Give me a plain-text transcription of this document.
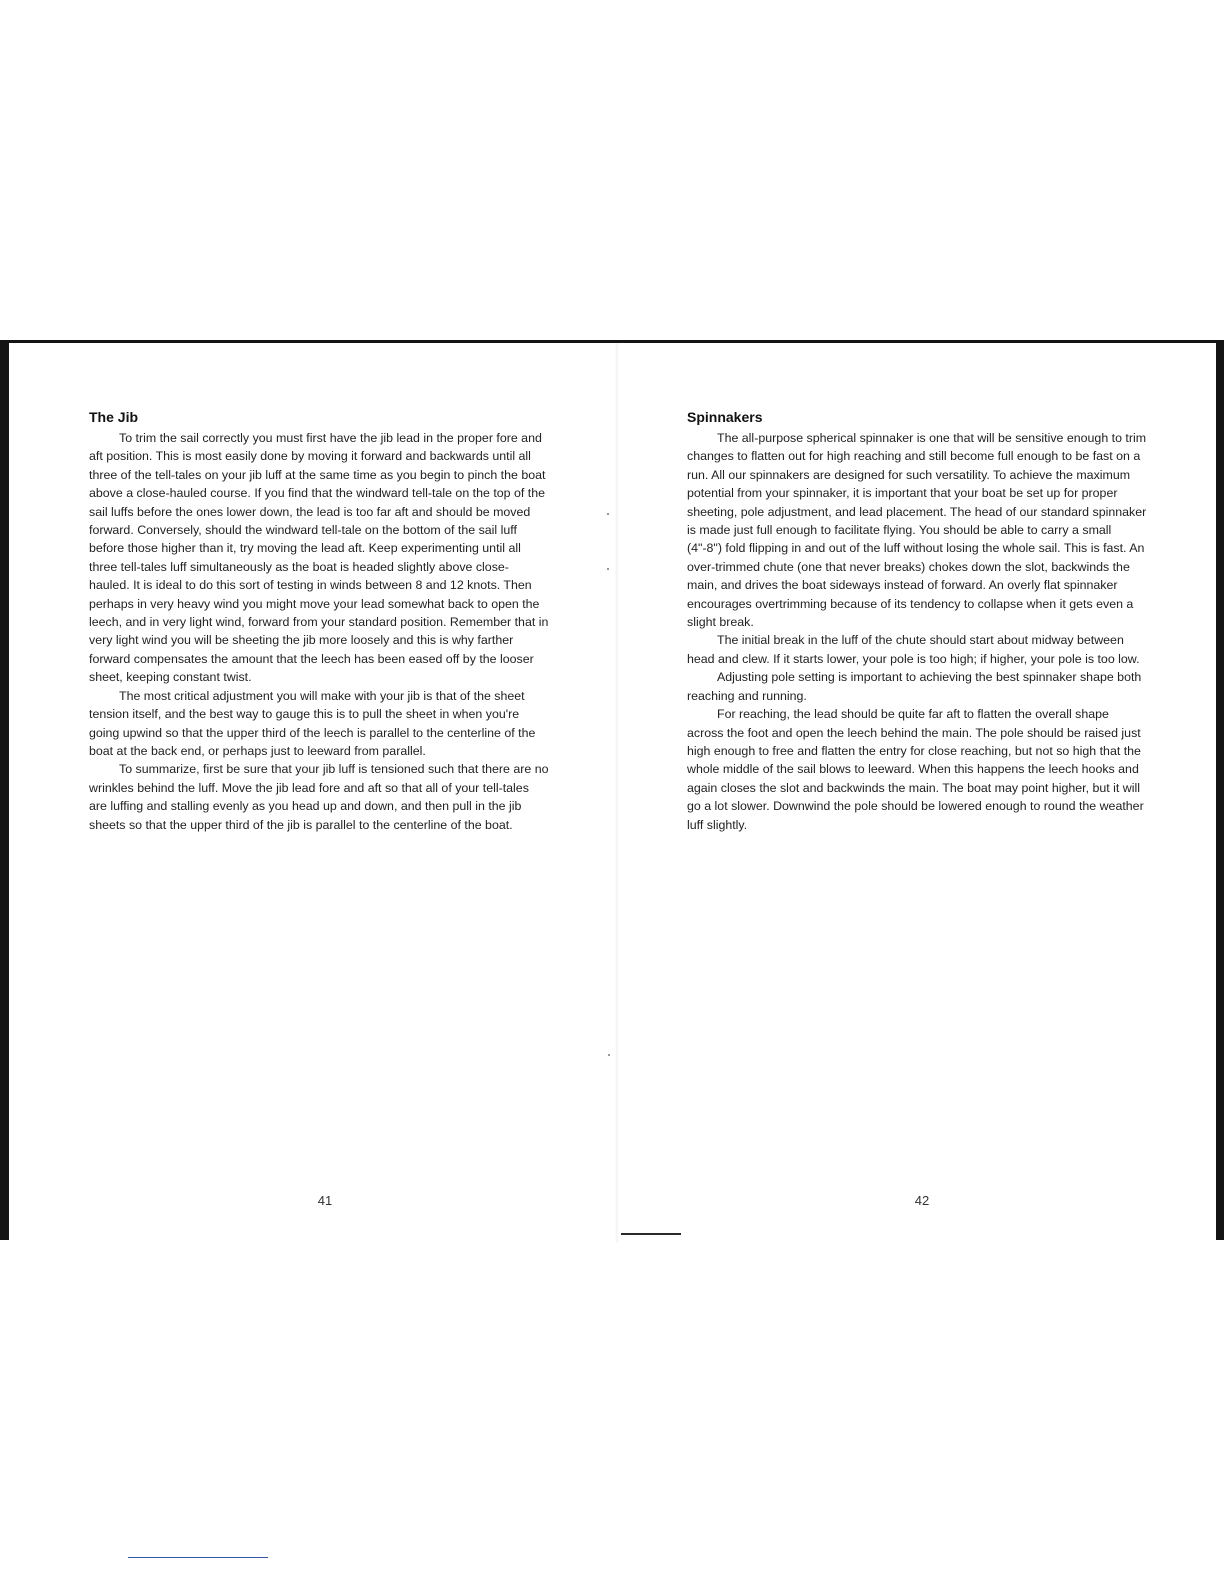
The Jib

To trim the sail correctly you must first have the jib lead in the proper fore and aft position. This is most easily done by moving it forward and backwards until all three of the tell-tales on your jib luff at the same time as you begin to pinch the boat above a close-hauled course. If you find that the windward tell-tale on the top of the sail luffs before the ones lower down, the lead is too far aft and should be moved forward. Conversely, should the windward tell-tale on the bottom of the sail luff before those higher than it, try moving the lead aft. Keep experimenting until all three tell-tales luff simultaneously as the boat is headed slightly above close-hauled. It is ideal to do this sort of testing in winds between 8 and 12 knots. Then perhaps in very heavy wind you might move your lead somewhat back to open the leech, and in very light wind, forward from your standard position. Remember that in very light wind you will be sheeting the jib more loosely and this is why farther forward compensates the amount that the leech has been eased off by the looser sheet, keeping constant twist.

The most critical adjustment you will make with your jib is that of the sheet tension itself, and the best way to gauge this is to pull the sheet in when you're going upwind so that the upper third of the leech is parallel to the centerline of the boat at the back end, or perhaps just to leeward from parallel.

To summarize, first be sure that your jib luff is tensioned such that there are no wrinkles behind the luff. Move the jib lead fore and aft so that all of your tell-tales are luffing and stalling evenly as you head up and down, and then pull in the jib sheets so that the upper third of the jib is parallel to the centerline of the boat.

Spinnakers

The all-purpose spherical spinnaker is one that will be sensitive enough to trim changes to flatten out for high reaching and still become full enough to be fast on a run. All our spinnakers are designed for such versatility. To achieve the maximum potential from your spinnaker, it is important that your boat be set up for proper sheeting, pole adjustment, and lead placement. The head of our standard spinnaker is made just full enough to facilitate flying. You should be able to carry a small (4"-8") fold flipping in and out of the luff without losing the whole sail. This is fast. An over-trimmed chute (one that never breaks) chokes down the slot, backwinds the main, and drives the boat sideways instead of forward. An overly flat spinnaker encourages overtrimming because of its tendency to collapse when it gets even a slight break.

The initial break in the luff of the chute should start about midway between head and clew. If it starts lower, your pole is too high; if higher, your pole is too low.

Adjusting pole setting is important to achieving the best spinnaker shape both reaching and running.

For reaching, the lead should be quite far aft to flatten the overall shape across the foot and open the leech behind the main. The pole should be raised just high enough to free and flatten the entry for close reaching, but not so high that the whole middle of the sail blows to leeward. When this happens the leech hooks and again closes the slot and backwinds the main. The boat may point higher, but it will go a lot slower. Downwind the pole should be lowered enough to round the weather luff slightly.

41	42
